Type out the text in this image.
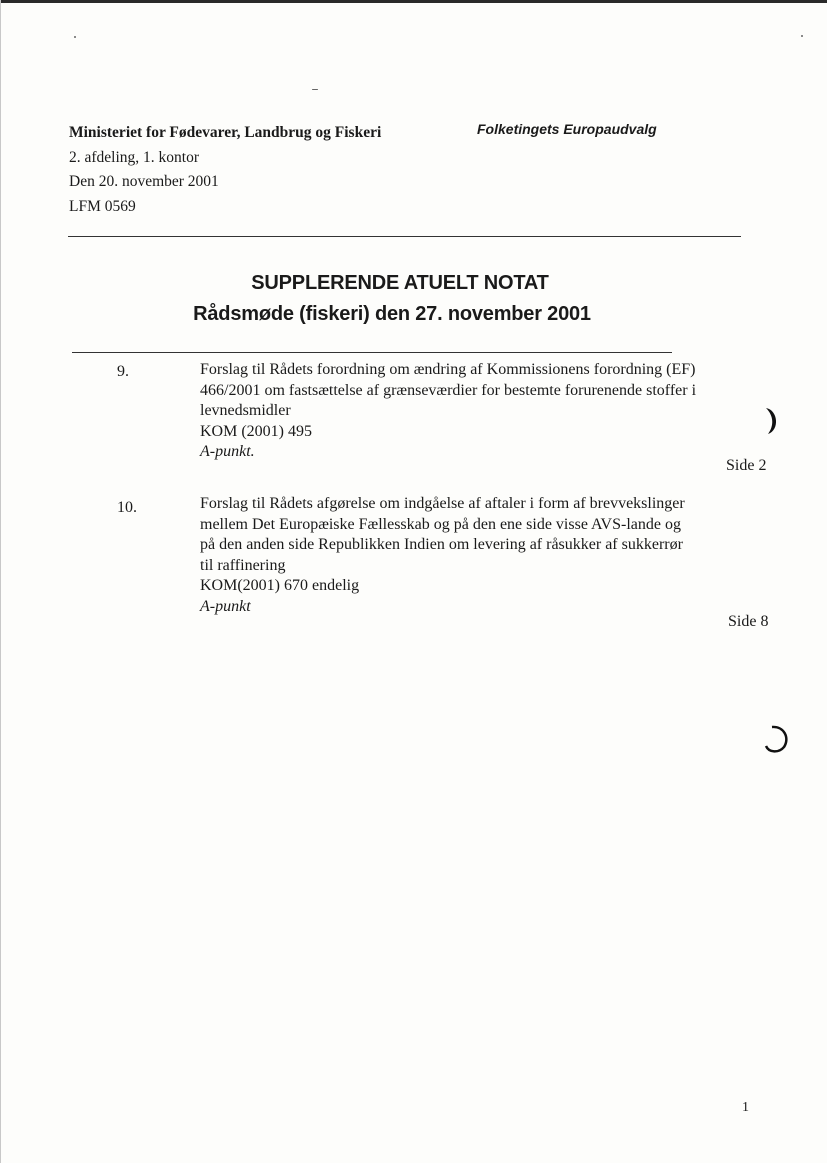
Ministeriet for Fødevarer, Landbrug og Fiskeri
2. afdeling, 1. kontor
Den 20. november 2001
LFM 0569
Folketingets Europaudvalg
SUPPLERENDE ATUELT NOTAT
Rådsmøde (fiskeri) den 27. november 2001
9.	Forslag til Rådets forordning om ændring af Kommissionens forordning (EF)
466/2001 om fastsættelse af grænseværdier for bestemte forurenende stoffer i
levnedsmidler
KOM (2001) 495
A-punkt.
Side 2
10.	Forslag til Rådets afgørelse om indgåelse af aftaler i form af brevvekslinger
mellem Det Europæiske Fællesskab og på den ene side visse AVS-lande og
på den anden side Republikken Indien om levering af råsukker af sukkerrør
til raffinering
KOM(2001) 670 endelig
A-punkt
Side 8
1
